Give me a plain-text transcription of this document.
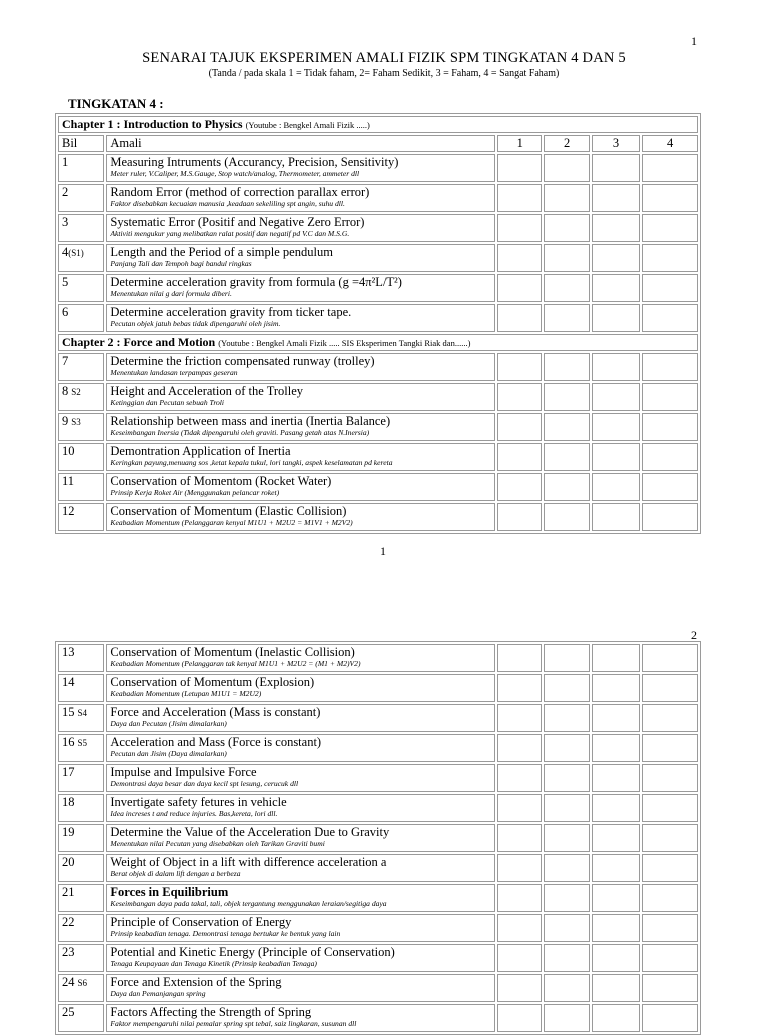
1
SENARAI TAJUK EKSPERIMEN AMALI FIZIK SPM TINGKATAN 4 DAN 5
(Tanda / pada skala 1 = Tidak faham, 2= Faham Sedikit, 3 = Faham, 4 = Sangat Faham)
TINGKATAN 4 :
Chapter 1 : Introduction to Physics (Youtube : Bengkel Amali Fizik .....)					
Bil	Amali	1	2	3	4
1	Measuring Intruments (Accurancy, Precision, Sensitivity)
Meter ruler, V.Caliper, M.S.Gauge, Stop watch/analog, Thermometer, ammeter dll				

2	Random Error (method of correction parallax error)
Faktor disebabkan kecuaian manusia ,keadaan sekeliling spt angin, suhu dll.				

3	Systematic Error (Positif and Negative Zero Error)
Aktiviti mengukur yang melibatkan ralat positif dan negatif pd V.C dan M.S.G.				

4(S1)	Length and the Period of a simple pendulum
Panjang Tali dan Tempoh bagi bandul ringkas				

5	Determine acceleration gravity from formula (g =4π²L/T²)
Menentukan nilai g dari formula diberi.				

6	Determine acceleration gravity from ticker tape.
Pecutan objek jatuh bebas tidak dipengaruhi oleh jisim.				

Chapter 2 : Force and Motion (Youtube : Bengkel Amali Fizik ..... SIS Eksperimen Tangki Riak dan......)					
7	Determine the friction compensated runway (trolley)
Menentukan landasan terpampas geseran				

8 S2	Height and Acceleration of the Trolley
Ketinggian dan Pecutan sebuah Troli				

9 S3	Relationship between mass and inertia (Inertia Balance)
Keseimbangan Inersia (Tidak dipengaruhi oleh graviti. Pasang getah atas N.Inersia)				

10	Demontration Application of Inertia
Keringkan payung,menuang sos ,ketat kepala tukul, lori tangki, aspek keselamatan pd kereta				

11	Conservation of Momentom (Rocket Water)
Prinsip Kerja Roket Air (Menggunakan pelancar roket)				

12	Conservation of Momentum (Elastic Collision)
Keabadian Momentum (Pelanggaran kenyal M1U1 + M2U2 = M1V1 + M2V2)				

1
2
13	Conservation of Momentum (Inelastic Collision)
Keabadian Momentum (Pelanggaran tak kenyal M1U1 + M2U2 = (M1 + M2)V2)				

14	Conservation of Momentum (Explosion)
Keabadian Momentum (Letupan M1U1 = M2U2)				

15 S4	Force and Acceleration (Mass is constant)
Daya dan Pecutan (Jisim dimalarkan)				

16 S5	Acceleration and Mass (Force is constant)
Pecutan dan Jisim (Daya dimalarkan)				

17	Impulse and Impulsive Force
Demontrasi daya besar dan daya kecil spt lesung, cerucuk dll				

18	Invertigate safety fetures in vehicle
Idea increses t and reduce injuries. Bas,kereta, lori dll.				

19	Determine the Value of the Acceleration Due to Gravity
Menentukan nilai Pecutan yang disebabkan oleh Tarikan Graviti bumi				

20	Weight of Object in a lift with difference acceleration a
Berat objek di dalam lift dengan a berbeza				

21	Forces in Equilibrium
Keseimbangan daya pada takal, tali, objek tergantung menggunakan leraian/segitiga daya				

22	Principle of Conservation of Energy
Prinsip keabadian tenaga. Demontrasi tenaga bertukar ke bentuk yang lain				

23	Potential and Kinetic Energy (Principle of Conservation)
Tenaga Keupayaan dan Tenaga Kinetik (Prinsip keabadian Tenaga)				

24 S6	Force and Extension of the Spring
Daya dan Pemanjangan spring				

25	Factors Affecting the Strength of Spring
Faktor mempengaruhi nilai pemalar spring spt tebal, saiz lingkaran, susunan dll				
